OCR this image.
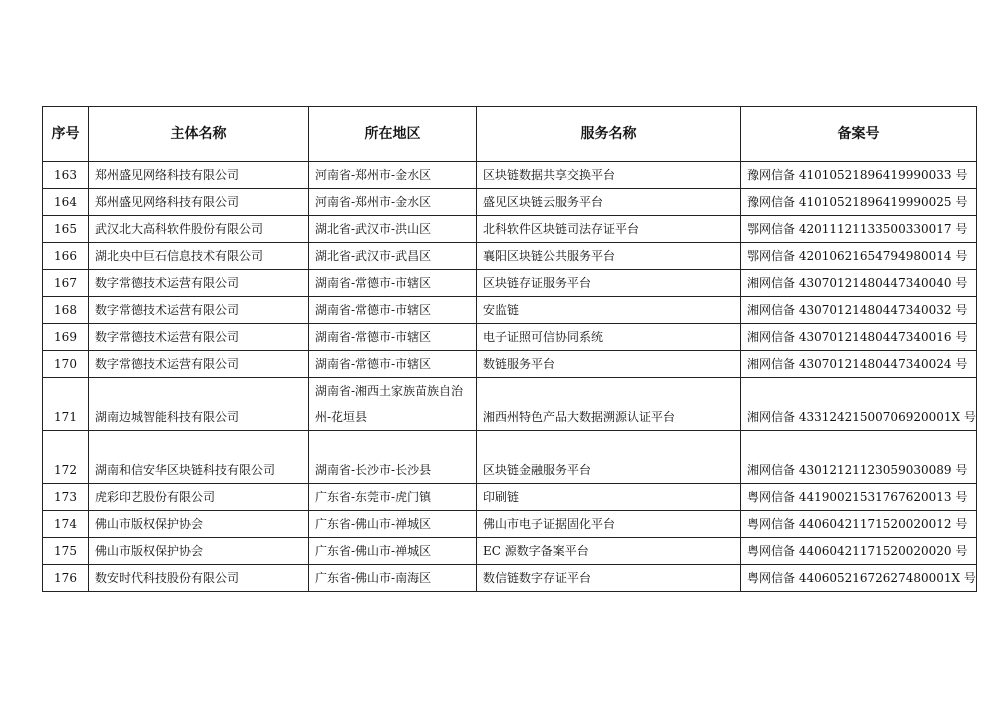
序号	主体名称	所在地区	服务名称	备案号
163	郑州盛见网络科技有限公司	河南省-郑州市-金水区	区块链数据共享交换平台	豫网信备 41010521896419990033 号
164	郑州盛见网络科技有限公司	河南省-郑州市-金水区	盛见区块链云服务平台	豫网信备 41010521896419990025 号
165	武汉北大高科软件股份有限公司	湖北省-武汉市-洪山区	北科软件区块链司法存证平台	鄂网信备 42011121133500330017 号
166	湖北央中巨石信息技术有限公司	湖北省-武汉市-武昌区	襄阳区块链公共服务平台	鄂网信备 42010621654794980014 号
167	数字常德技术运营有限公司	湖南省-常德市-市辖区	区块链存证服务平台	湘网信备 43070121480447340040 号
168	数字常德技术运营有限公司	湖南省-常德市-市辖区	安监链	湘网信备 43070121480447340032 号
169	数字常德技术运营有限公司	湖南省-常德市-市辖区	电子证照可信协同系统	湘网信备 43070121480447340016 号
170	数字常德技术运营有限公司	湖南省-常德市-市辖区	数链服务平台	湘网信备 43070121480447340024 号
171	湖南边城智能科技有限公司	湖南省-湘西土家族苗族自治州-花垣县	湘西州特色产品大数据溯源认证平台	湘网信备 43312421500706920001X 号
172	湖南和信安华区块链科技有限公司	湖南省-长沙市-长沙县	区块链金融服务平台	湘网信备 43012121123059030089 号
173	虎彩印艺股份有限公司	广东省-东莞市-虎门镇	印刷链	粤网信备 44190021531767620013 号
174	佛山市版权保护协会	广东省-佛山市-禅城区	佛山市电子证据固化平台	粤网信备 44060421171520020012 号
175	佛山市版权保护协会	广东省-佛山市-禅城区	EC 源数字备案平台	粤网信备 44060421171520020020 号
176	数安时代科技股份有限公司	广东省-佛山市-南海区	数信链数字存证平台	粤网信备 44060521672627480001X 号
